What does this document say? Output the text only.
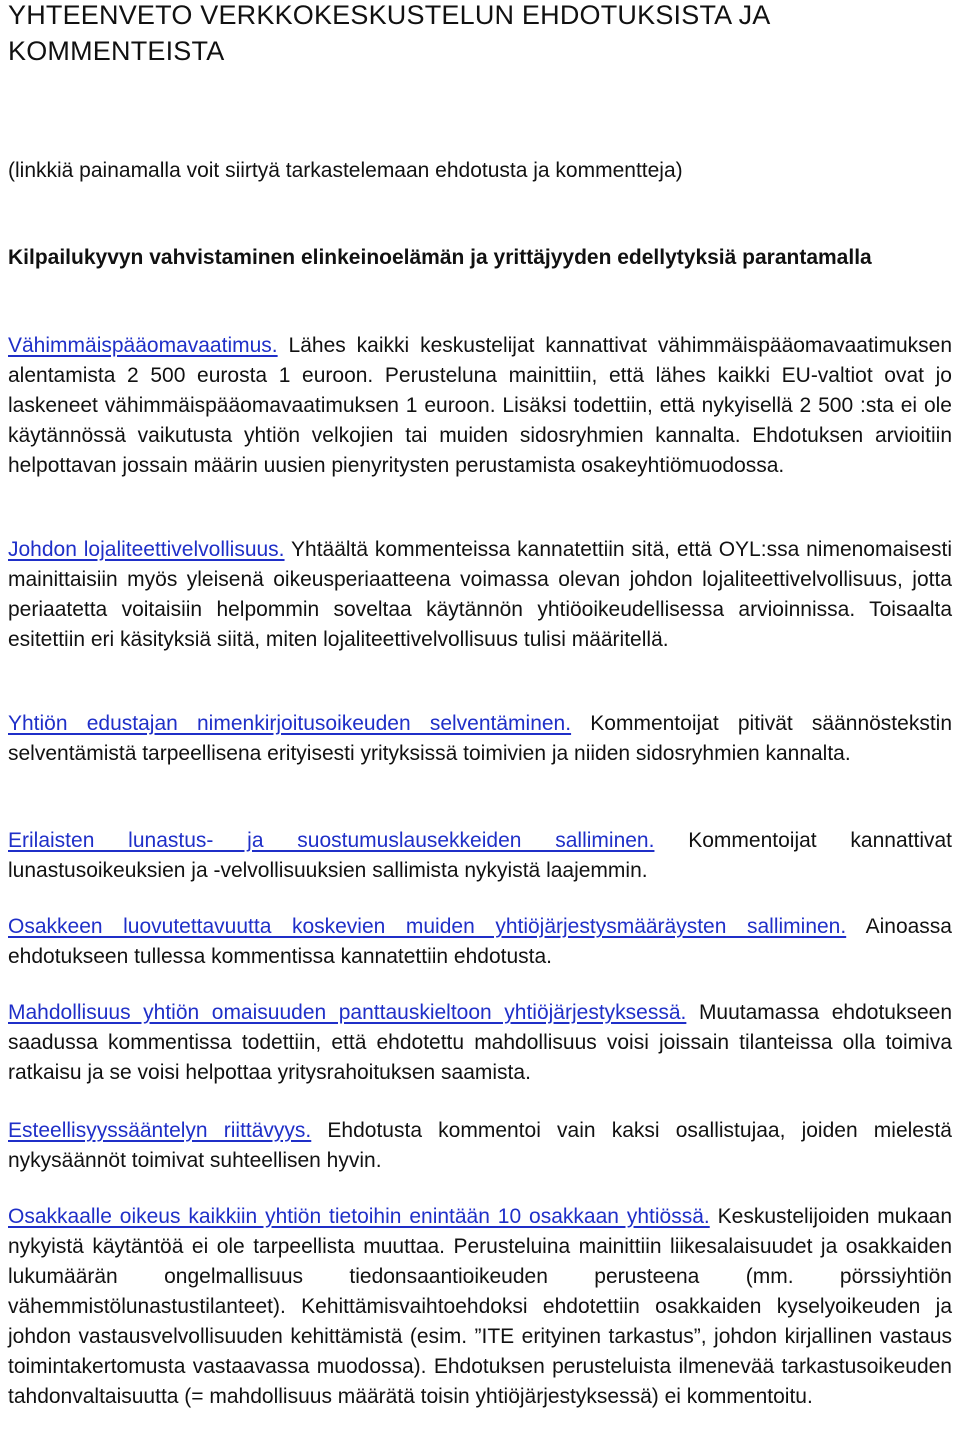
YHTEENVETO VERKKOKESKUSTELUN EHDOTUKSISTA JA KOMMENTEISTA

(linkkiä painamalla voit siirtyä tarkastelemaan ehdotusta ja kommentteja)

Kilpailukyvyn vahvistaminen elinkeinoelämän ja yrittäjyyden edellytyksiä parantamalla

Vähimmäispääomavaatimus. Lähes kaikki keskustelijat kannattivat vähimmäispääomavaatimuksen alentamista 2 500 eurosta 1 euroon. Perusteluna mainittiin, että lähes kaikki EU-valtiot ovat jo laskeneet vähimmäispääomavaatimuksen 1 euroon. Lisäksi todettiin, että nykyisellä 2 500 :sta ei ole käytännössä vaikutusta yhtiön velkojien tai muiden sidosryhmien kannalta. Ehdotuksen arvioitiin helpottavan jossain määrin uusien pienyritysten perustamista osakeyhtiömuodossa.

Johdon lojaliteettivelvollisuus. Yhtäältä kommenteissa kannatettiin sitä, että OYL:ssa nimenomaisesti mainittaisiin myös yleisenä oikeusperiaatteena voimassa olevan johdon lojaliteettivelvollisuus, jotta periaatetta voitaisiin helpommin soveltaa käytännön yhtiöoikeudellisessa arvioinnissa. Toisaalta esitettiin eri käsityksiä siitä, miten lojaliteettivelvollisuus tulisi määritellä.

Yhtiön edustajan nimenkirjoitusoikeuden selventäminen. Kommentoijat pitivät säännöstekstin selventämistä tarpeellisena erityisesti yrityksissä toimivien ja niiden sidosryhmien kannalta.

Erilaisten lunastus- ja suostumuslausekkeiden salliminen. Kommentoijat kannattivat lunastusoikeuksien ja -velvollisuuksien sallimista nykyistä laajemmin.

Osakkeen luovutettavuutta koskevien muiden yhtiöjärjestysmääräysten salliminen. Ainoassa ehdotukseen tullessa kommentissa kannatettiin ehdotusta.

Mahdollisuus yhtiön omaisuuden panttauskieltoon yhtiöjärjestyksessä. Muutamassa ehdotukseen saadussa kommentissa todettiin, että ehdotettu mahdollisuus voisi joissain tilanteissa olla toimiva ratkaisu ja se voisi helpottaa yritysrahoituksen saamista.

Esteellisyyssääntelyn riittävyys. Ehdotusta kommentoi vain kaksi osallistujaa, joiden mielestä nykysäännöt toimivat suhteellisen hyvin.

Osakkaalle oikeus kaikkiin yhtiön tietoihin enintään 10 osakkaan yhtiössä. Keskustelijoiden mukaan nykyistä käytäntöä ei ole tarpeellista muuttaa. Perusteluina mainittiin liikesalaisuudet ja osakkaiden lukumäärän ongelmallisuus tiedonsaantioikeuden perusteena (mm. pörssiyhtiön vähemmistölunastustilanteet). Kehittämisvaihtoehdoksi ehdotettiin osakkaiden kyselyoikeuden ja johdon vastausvelvollisuuden kehittämistä (esim. ”ITE erityinen tarkastus”, johdon kirjallinen vastaus toimintakertomusta vastaavassa muodossa). Ehdotuksen perusteluista ilmenevää tarkastusoikeuden tahdonvaltaisuutta (= mahdollisuus määrätä toisin yhtiöjärjestyksessä) ei kommentoitu.
